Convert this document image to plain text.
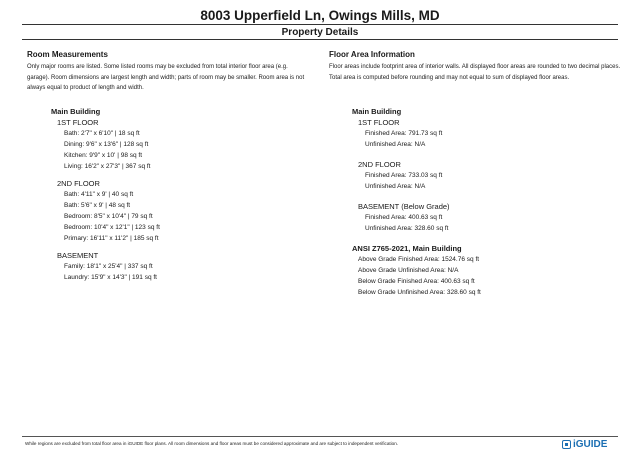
8003 Upperfield Ln, Owings Mills, MD
Property Details
Room Measurements
Only major rooms are listed. Some listed rooms may be excluded from total interior floor area (e.g. garage). Room dimensions are largest length and width; parts of room may be smaller. Room area is not always equal to product of length and width.
Main Building
1ST FLOOR
Bath: 2'7" x 6'10" | 18 sq ft
Dining: 9'6" x 13'6" | 128 sq ft
Kitchen: 9'9" x 10' | 98 sq ft
Living: 16'2" x 27'3" | 367 sq ft
2ND FLOOR
Bath: 4'11" x 9' | 40 sq ft
Bath: 5'6" x 9' | 48 sq ft
Bedroom: 8'5" x 10'4" | 79 sq ft
Bedroom: 10'4" x 12'1" | 123 sq ft
Primary: 16'11" x 11'2" | 185 sq ft
BASEMENT
Family: 18'1" x 25'4" | 337 sq ft
Laundry: 15'9" x 14'3" | 191 sq ft
Floor Area Information
Floor areas include footprint area of interior walls. All displayed floor areas are rounded to two decimal places. Total area is computed before rounding and may not equal to sum of displayed floor areas.
Main Building
1ST FLOOR
Finished Area: 791.73 sq ft
Unfinished Area: N/A
2ND FLOOR
Finished Area: 733.03 sq ft
Unfinished Area: N/A
BASEMENT (Below Grade)
Finished Area: 400.63 sq ft
Unfinished Area: 328.60 sq ft
ANSI Z765-2021, Main Building
Above Grade Finished Area: 1524.76 sq ft
Above Grade Unfinished Area: N/A
Below Grade Finished Area: 400.63 sq ft
Below Grade Unfinished Area: 328.60 sq ft
While regions are excluded from total floor area in iGUIDE floor plans. All room dimensions and floor areas must be considered approximate and are subject to independent verification.	iGUIDE
